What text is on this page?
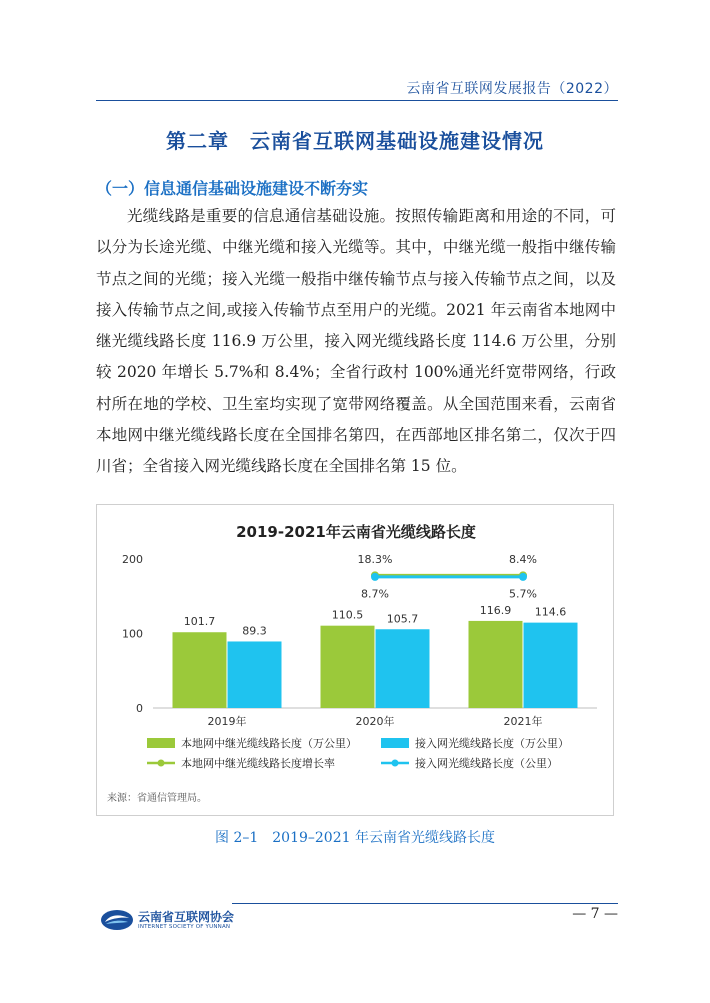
云南省互联网发展报告（2022）
第二章　云南省互联网基础设施建设情况
（一）信息通信基础设施建设不断夯实

光缆线路是重要的信息通信基础设施。按照传输距离和用途的不同，可以分为长途光缆、中继光缆和接入光缆等。其中，中继光缆一般指中继传输节点之间的光缆；接入光缆一般指中继传输节点与接入传输节点之间，以及接入传输节点之间,或接入传输节点至用户的光缆。2021 年云南省本地网中继光缆线路长度 116.9 万公里，接入网光缆线路长度 114.6 万公里，分别较 2020 年增长 5.7%和 8.4%；全省行政村 100%通光纤宽带网络，行政村所在地的学校、卫生室均实现了宽带网络覆盖。从全国范围来看，云南省本地网中继光缆线路长度在全国排名第四，在西部地区排名第二，仅次于四川省；全省接入网光缆线路长度在全国排名第 15 位。

2019-2021年云南省光缆线路长度
0
100
200
101.7
110.5	116.9
89.3
105.7
114.6
2019年	2020年	2021年
8.7%	5.7%
18.3%	8.4%
本地网中继光缆线路长度（万公里）	接入网光缆线路长度（万公里）
本地网中继光缆线路长度增长率	接入网光缆线路长度（公里）
来源：省通信管理局。
图 2–1　2019–2021 年云南省光缆线路长度
云南省互联网协会
INTERNET SOCIETY OF YUNNAN
— 7 —
